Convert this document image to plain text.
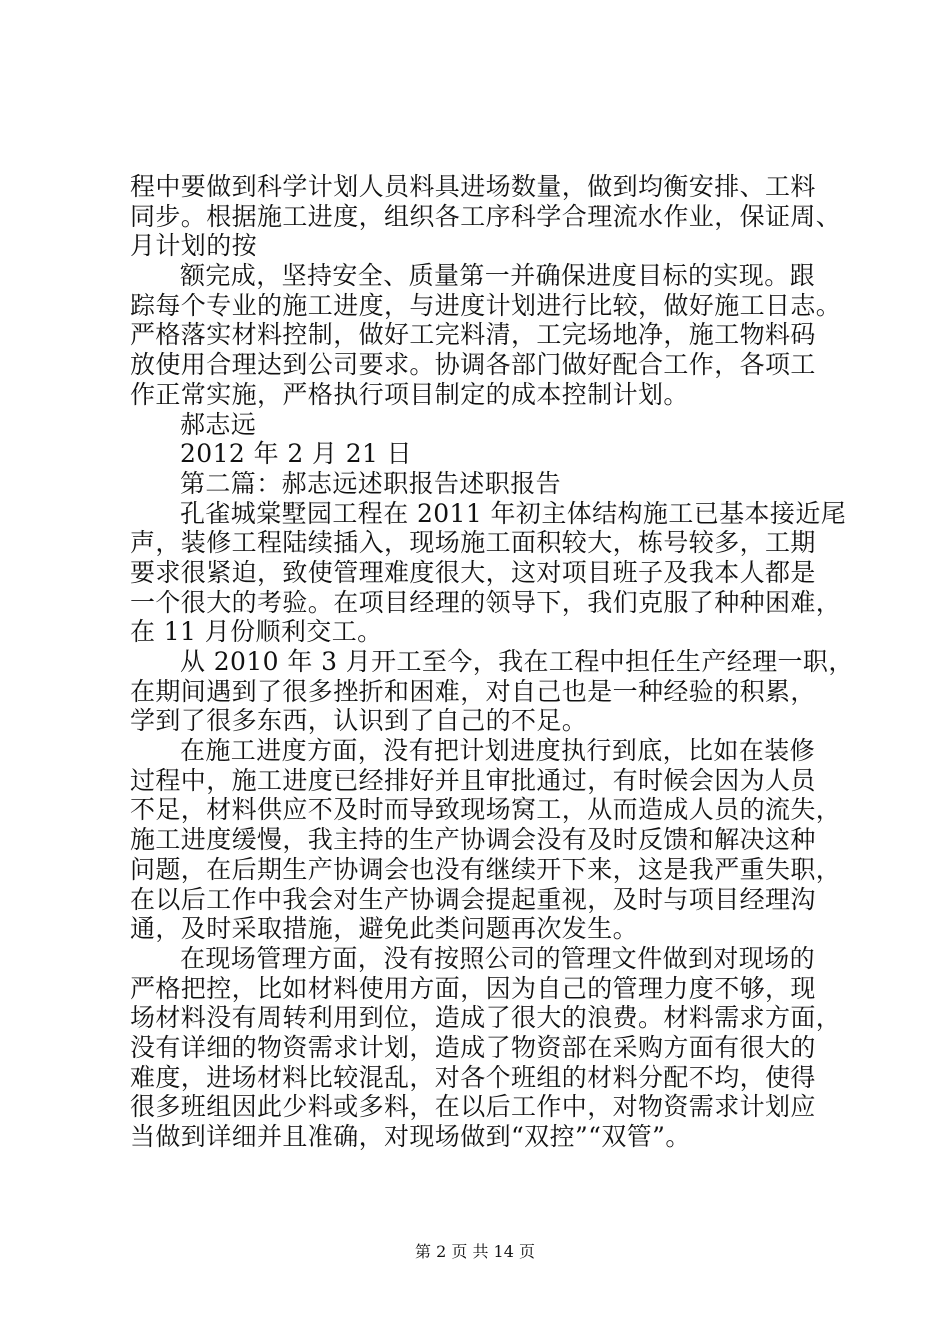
程中要做到科学计划人员料具进场数量，做到均衡安排、工料
同步。根据施工进度，组织各工序科学合理流水作业，保证周、
月计划的按
额完成，坚持安全、质量第一并确保进度目标的实现。跟
踪每个专业的施工进度，与进度计划进行比较，做好施工日志。
严格落实材料控制，做好工完料清，工完场地净，施工物料码
放使用合理达到公司要求。协调各部门做好配合工作，各项工
作正常实施，严格执行项目制定的成本控制计划。
郝志远
2012 年 2 月 21 日
第二篇：郝志远述职报告述职报告
孔雀城棠墅园工程在 2011 年初主体结构施工已基本接近尾
声，装修工程陆续插入，现场施工面积较大，栋号较多，工期
要求很紧迫，致使管理难度很大，这对项目班子及我本人都是
一个很大的考验。在项目经理的领导下，我们克服了种种困难，
在 11 月份顺利交工。
从 2010 年 3 月开工至今，我在工程中担任生产经理一职，
在期间遇到了很多挫折和困难，对自己也是一种经验的积累，
学到了很多东西，认识到了自己的不足。
在施工进度方面，没有把计划进度执行到底，比如在装修
过程中，施工进度已经排好并且审批通过，有时候会因为人员
不足，材料供应不及时而导致现场窝工，从而造成人员的流失，
施工进度缓慢，我主持的生产协调会没有及时反馈和解决这种
问题，在后期生产协调会也没有继续开下来，这是我严重失职，
在以后工作中我会对生产协调会提起重视，及时与项目经理沟
通，及时采取措施，避免此类问题再次发生。
在现场管理方面，没有按照公司的管理文件做到对现场的
严格把控，比如材料使用方面，因为自己的管理力度不够，现
场材料没有周转利用到位，造成了很大的浪费。材料需求方面，
没有详细的物资需求计划，造成了物资部在采购方面有很大的
难度，进场材料比较混乱，对各个班组的材料分配不均，使得
很多班组因此少料或多料，在以后工作中，对物资需求计划应
当做到详细并且准确，对现场做到“双控”“双管”。
第 2 页 共 14 页
